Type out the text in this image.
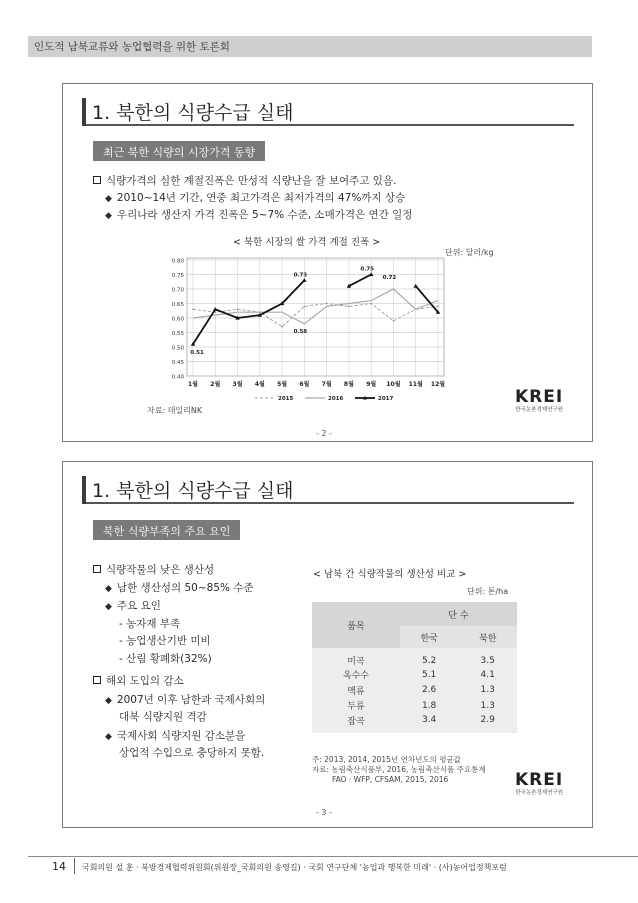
인도적 남북교류와 농업협력을 위한 토론회
1. 북한의 식량수급 실태
최근 북한 식량의 시장가격 동향
식량가격의 심한 계절진폭은 만성적 식량난을 잘 보여주고 있음.
◆ 2010~14년 기간, 연중 최고가격은 최저가격의 47%까지 상승
◆ 우리나라 생산지 가격 진폭은 5~7% 수준, 소매가격은 연간 일정
< 북한 시장의 쌀 가격 계절 진폭 >
단위: 달러/kg
0.40
0.45
0.50
0.55
0.60
0.65
0.70
0.75
0.80
1월 2월 3월 4월 5월 6월 7월 8월 9월 10월 11월 12월
0.51
0.73
0.58
0.75
0.72
2015	2016	2017
자료: 데일리NK
- 2 -
KREI
한국농촌경제연구원
1. 북한의 식량수급 실태
북한 식량부족의 주요 요인
식량작물의 낮은 생산성
◆ 남한 생산성의 50~85% 수준
◆ 주요 요인
- 농자재 부족
- 농업생산기반 미비
- 산림 황폐화(32%)
해외 도입의 감소
◆ 2007년 이후 남한과 국제사회의
대북 식량지원 격감
◆ 국제사회 식량지원 감소분을
상업적 수입으로 충당하지 못함.
< 남북 간 식량작물의 생산성 비교 >
단위: 톤/ha
품목	단 수	
	한국	북한
미곡	5.2	3.5
옥수수	5.1	4.1
맥류	2.6	1.3
두류	1.8	1.3
잡곡	3.4	2.9
주: 2013, 2014, 2015년 연차년도의 평균값
자료: 농림축산식품부, 2016, 농림축산식품 주요통계
FAO · WFP, CFSAM, 2015, 2016
- 3 -
KREI
한국농촌경제연구원
14 국회의원 설 훈 · 북방경제협력위원회(위원장_국회의원 송영길) · 국회 연구단체 '농업과 행복한 미래' · (사)농어업정책포럼
